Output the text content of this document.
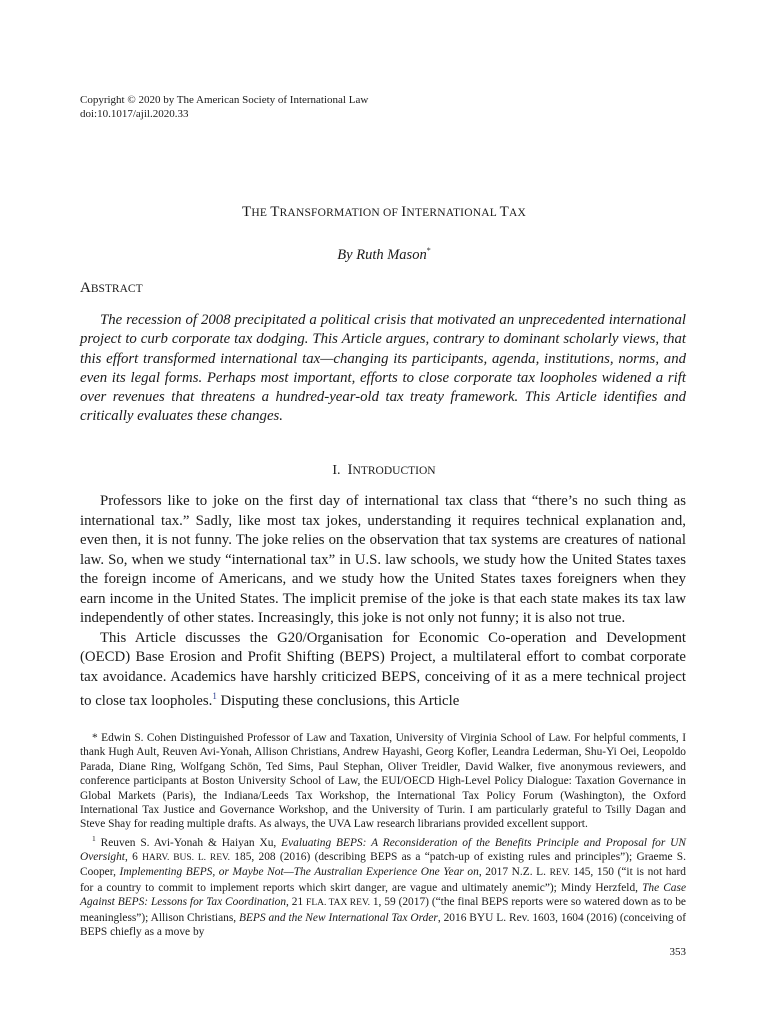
Copyright © 2020 by The American Society of International Law
doi:10.1017/ajil.2020.33
THE TRANSFORMATION OF INTERNATIONAL TAX
By Ruth Mason*
ABSTRACT
The recession of 2008 precipitated a political crisis that motivated an unprecedented international project to curb corporate tax dodging. This Article argues, contrary to dominant scholarly views, that this effort transformed international tax—changing its participants, agenda, institutions, norms, and even its legal forms. Perhaps most important, efforts to close corporate tax loopholes widened a rift over revenues that threatens a hundred-year-old tax treaty framework. This Article identifies and critically evaluates these changes.
I. INTRODUCTION

Professors like to joke on the first day of international tax class that “there’s no such thing as international tax.” Sadly, like most tax jokes, understanding it requires technical explanation and, even then, it is not funny. The joke relies on the observation that tax systems are creatures of national law. So, when we study “international tax” in U.S. law schools, we study how the United States taxes the foreign income of Americans, and we study how the United States taxes foreigners when they earn income in the United States. The implicit premise of the joke is that each state makes its tax law independently of other states. Increasingly, this joke is not only not funny; it is also not true.

This Article discusses the G20/Organisation for Economic Co-operation and Development (OECD) Base Erosion and Profit Shifting (BEPS) Project, a multilateral effort to combat corporate tax avoidance. Academics have harshly criticized BEPS, conceiving of it as a mere technical project to close tax loopholes.$^1$ Disputing these conclusions, this Article

* Edwin S. Cohen Distinguished Professor of Law and Taxation, University of Virginia School of Law. For helpful comments, I thank Hugh Ault, Reuven Avi-Yonah, Allison Christians, Andrew Hayashi, Georg Kofler, Leandra Lederman, Shu-Yi Oei, Leopoldo Parada, Diane Ring, Wolfgang Schön, Ted Sims, Paul Stephan, Oliver Treidler, David Walker, five anonymous reviewers, and conference participants at Boston University School of Law, the EUI/OECD High-Level Policy Dialogue: Taxation Governance in Global Markets (Paris), the Indiana/Leeds Tax Workshop, the International Tax Policy Forum (Washington), the Oxford International Tax Justice and Governance Workshop, and the University of Turin. I am particularly grateful to Tsilly Dagan and Steve Shay for reading multiple drafts. As always, the UVA Law research librarians provided excellent support.

$^1$ Reuven S. Avi-Yonah & Haiyan Xu, Evaluating BEPS: A Reconsideration of the Benefits Principle and Proposal for UN Oversight, 6 HARV. BUS. L. REV. 185, 208 (2016) (describing BEPS as a “patch-up of existing rules and principles”); Graeme S. Cooper, Implementing BEPS, or Maybe Not—The Australian Experience One Year on, 2017 N.Z. L. REV. 145, 150 (“it is not hard for a country to commit to implement reports which skirt danger, are vague and ultimately anemic”); Mindy Herzfeld, The Case Against BEPS: Lessons for Tax Coordination, 21 FLA. TAX REV. 1, 59 (2017) (“the final BEPS reports were so watered down as to be meaningless”); Allison Christians, BEPS and the New International Tax Order, 2016 BYU L. Rev. 1603, 1604 (2016) (conceiving of BEPS chiefly as a move by

353
